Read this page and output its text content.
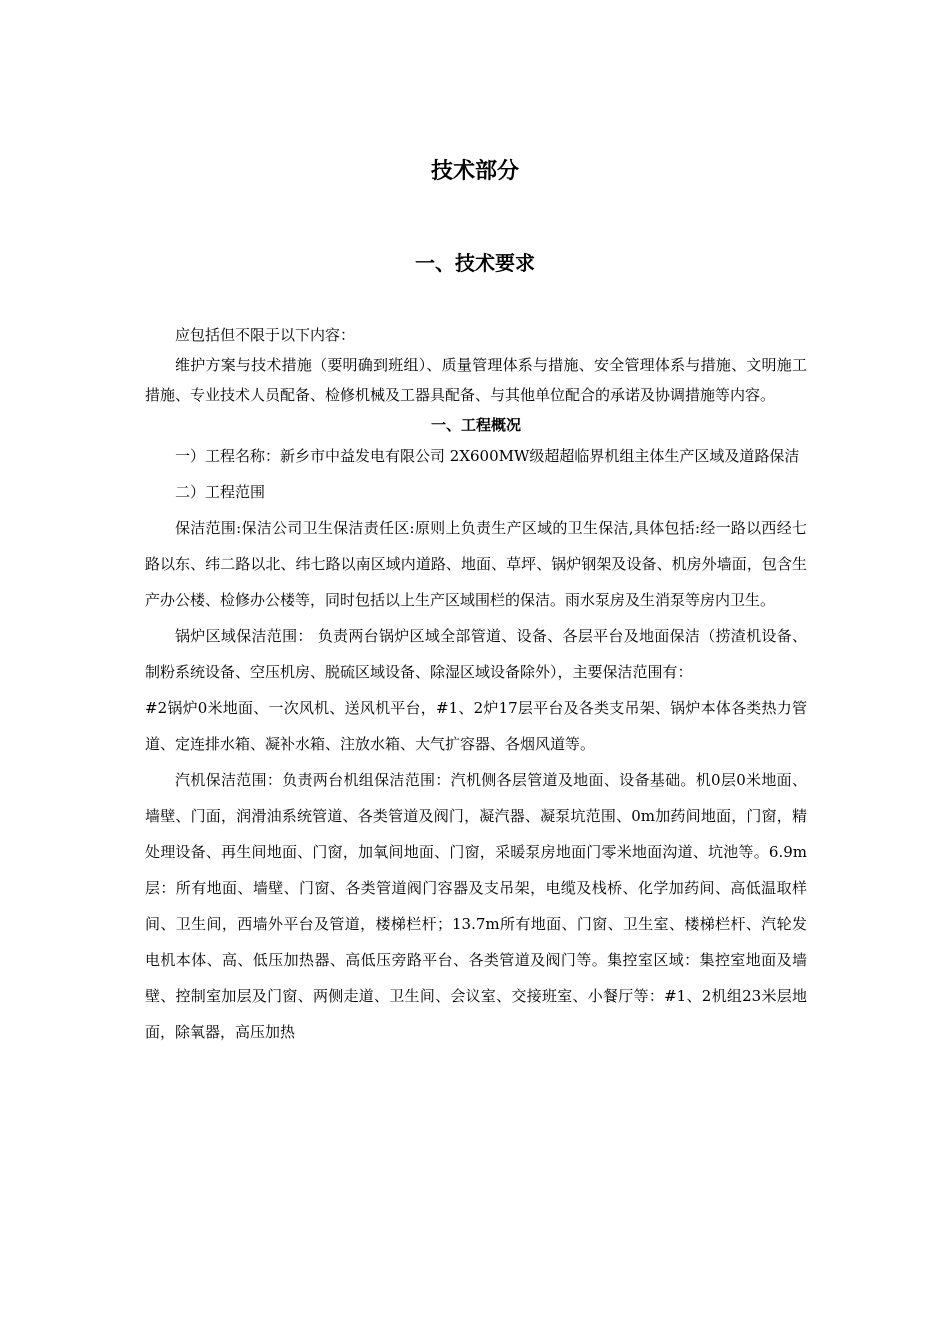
技术部分
一、技术要求

应包括但不限于以下内容：

维护方案与技术措施（要明确到班组）、质量管理体系与措施、安全管理体系与措施、文明施工措施、专业技术人员配备、检修机械及工器具配备、与其他单位配合的承诺及协调措施等内容。

一、工程概况

一）工程名称：新乡市中益发电有限公司 2X600MW级超超临界机组主体生产区域及道路保洁

二）工程范围

保洁范围:保洁公司卫生保洁责任区:原则上负责生产区域的卫生保洁,具体包括:经一路以西经七路以东、纬二路以北、纬七路以南区域内道路、地面、草坪、锅炉钢架及设备、机房外墙面，包含生产办公楼、检修办公楼等，同时包括以上生产区域围栏的保洁。雨水泵房及生消泵等房内卫生。

锅炉区域保洁范围： 负责两台锅炉区域全部管道、设备、各层平台及地面保洁（捞渣机设备、制粉系统设备、空压机房、脱硫区域设备、除湿区域设备除外），主要保洁范围有：

#2锅炉0米地面、一次风机、送风机平台，#1、2炉17层平台及各类支吊架、锅炉本体各类热力管道、定连排水箱、凝补水箱、注放水箱、大气扩容器、各烟风道等。

汽机保洁范围：负责两台机组保洁范围：汽机侧各层管道及地面、设备基础。机0层0米地面、墙壁、门面，润滑油系统管道、各类管道及阀门，凝汽器、凝泵坑范围、0m加药间地面，门窗，精处理设备、再生间地面、门窗，加氧间地面、门窗，采暖泵房地面门零米地面沟道、坑池等。6.9m层：所有地面、墙壁、门窗、各类管道阀门容器及支吊架，电缆及栈桥、化学加药间、高低温取样间、卫生间，西墙外平台及管道，楼梯栏杆；13.7m所有地面、门窗、卫生室、楼梯栏杆、汽轮发电机本体、高、低压加热器、高低压旁路平台、各类管道及阀门等。集控室区域：集控室地面及墙壁、控制室加层及门窗、两侧走道、卫生间、会议室、交接班室、小餐厅等：#1、2机组23米层地面，除氧器，高压加热
